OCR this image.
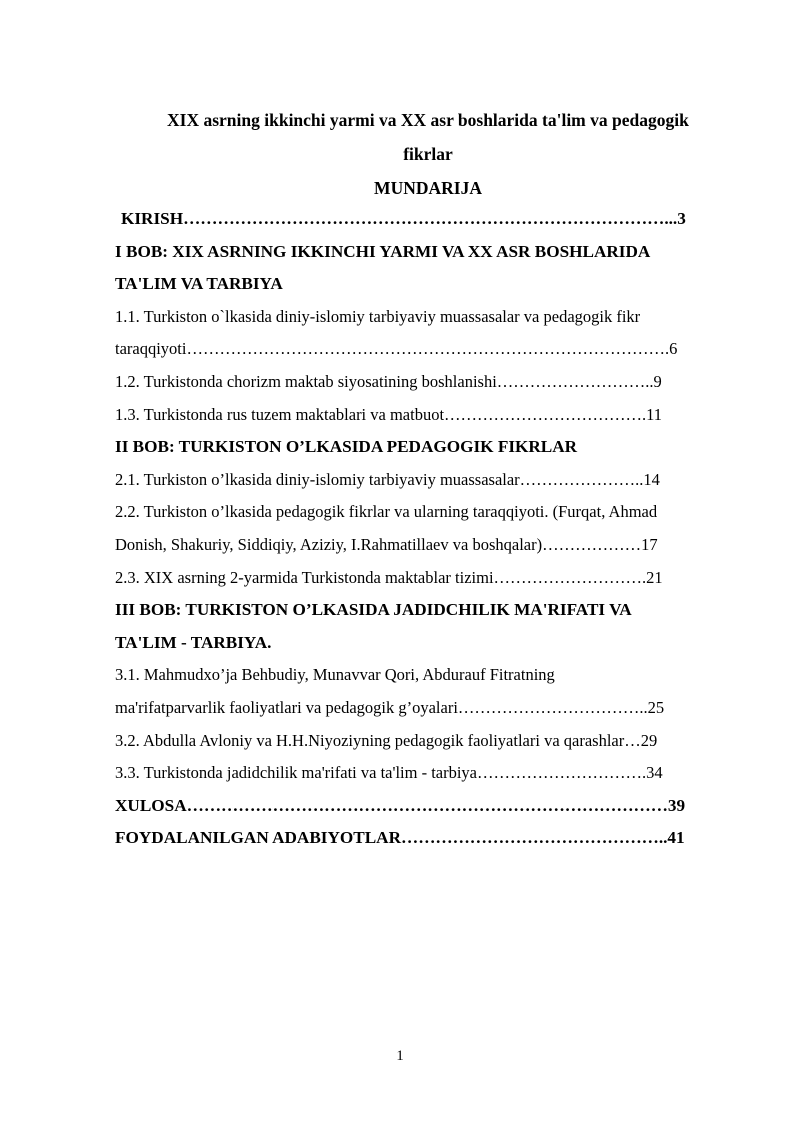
XIX asrning ikkinchi yarmi va XX asr boshlarida ta'lim va pedagogik
fikrlar
MUNDARIJA
KIRISH…………………………………………………………………………...3
I BOB: XIX ASRNING IKKINCHI YARMI VA XX ASR BOSHLARIDA
TA'LIM VA TARBIYA
1.1. Turkiston o`lkasida diniy-islomiy tarbiyaviy muassasalar va pedagogik fikr
taraqqiyoti…………………………………………………………………………….6
1.2. Turkistonda chorizm maktab siyosatining boshlanishi………………………..9
1.3. Turkistonda rus tuzem maktablari va matbuot……………………………….11
II BOB: TURKISTON O’LKASIDA PEDAGOGIK FIKRLAR
2.1. Turkiston o’lkasida diniy-islomiy tarbiyaviy muassasalar…………………..14
2.2. Turkiston o’lkasida pedagogik fikrlar va ularning taraqqiyoti. (Furqat, Ahmad
Donish, Shakuriy, Siddiqiy, Aziziy, I.Rahmatillaev va boshqalar)………………17
2.3. XIX asrning 2-yarmida Turkistonda maktablar tizimi……………………….21
III BOB: TURKISTON O’LKASIDA JADIDCHILIK MA'RIFATI VA
TA'LIM - TARBIYA.
3.1. Mahmudxo’ja Behbudiy, Munavvar Qori, Abdurauf Fitratning
ma'rifatparvarlik faoliyatlari va pedagogik g’oyalari……………………………..25
3.2. Abdulla Avloniy va H.H.Niyoziyning pedagogik faoliyatlari va qarashlar…29
3.3. Turkistonda jadidchilik ma'rifati va ta'lim - tarbiya………………………….34
XULOSA…………………………………………………………………………39
FOYDALANILGAN ADABIYOTLAR………………………………………..41
1
